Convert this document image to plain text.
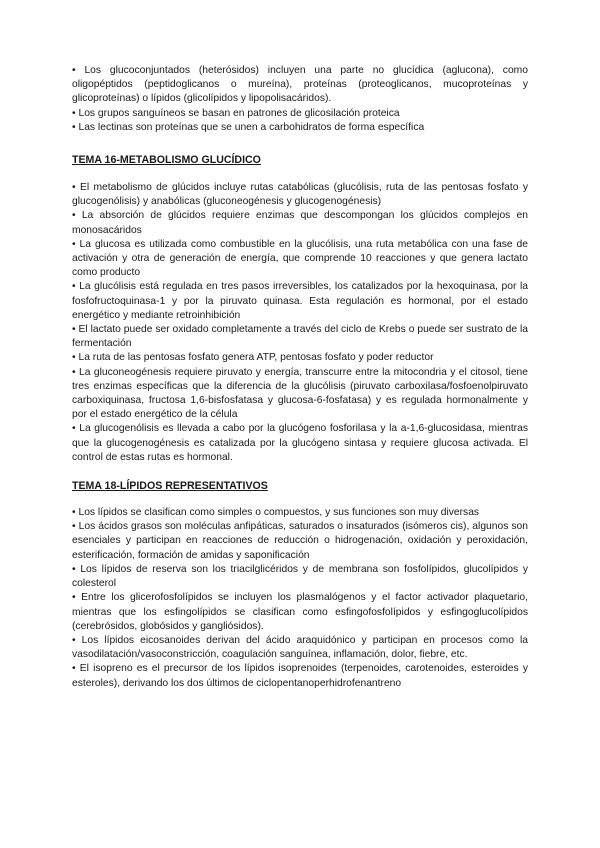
• Los glucoconjuntados (heterósidos) incluyen una parte no glucídica (aglucona), como oligopéptidos (peptidoglicanos o mureína), proteínas (proteoglicanos, mucoproteínas y glicoproteínas) o lípidos (glicolípidos y lipopolisacáridos).

• Los grupos sanguíneos se basan en patrones de glicosilación proteica

• Las lectinas son proteínas que se unen a carbohidratos de forma específica

TEMA 16-METABOLISMO GLUCÍDICO

• El metabolismo de glúcidos incluye rutas catabólicas (glucólisis, ruta de las pentosas fosfato y glucogenólisis) y anabólicas (gluconeogénesis y glucogenogénesis)

• La absorción de glúcidos requiere enzimas que descompongan los glúcidos complejos en monosacáridos

• La glucosa es utilizada como combustible en la glucólisis, una ruta metabólica con una fase de activación y otra de generación de energía, que comprende 10 reacciones y que genera lactato como producto

• La glucólisis está regulada en tres pasos irreversibles, los catalizados por la hexoquinasa, por la fosfofructoquinasa-1 y por la piruvato quinasa. Esta regulación es hormonal, por el estado energético y mediante retroinhibición

• El lactato puede ser oxidado completamente a través del ciclo de Krebs o puede ser sustrato de la fermentación

• La ruta de las pentosas fosfato genera ATP, pentosas fosfato y poder reductor

• La gluconeogénesis requiere piruvato y energía, transcurre entre la mitocondria y el citosol, tiene tres enzimas específicas que la diferencia de la glucólisis (piruvato carboxilasa/fosfoenolpiruvato carboxiquinasa, fructosa 1,6-bisfosfatasa y glucosa-6-fosfatasa) y es regulada hormonalmente y por el estado energético de la célula

• La glucogenólisis es llevada a cabo por la glucógeno fosforilasa y la a-1,6-glucosidasa, mientras que la glucogenogénesis es catalizada por la glucógeno sintasa y requiere glucosa activada. El control de estas rutas es hormonal.

TEMA 18-LÍPIDOS REPRESENTATIVOS

• Los lípidos se clasifican como simples o compuestos, y sus funciones son muy diversas

• Los ácidos grasos son moléculas anfipáticas, saturados o insaturados (isómeros cis), algunos son esenciales y participan en reacciones de reducción o hidrogenación, oxidación y peroxidación, esterificación, formación de amidas y saponificación

• Los lípidos de reserva son los triacilglicéridos y de membrana son fosfolípidos, glucolípidos y colesterol

• Entre los glicerofosfolípidos se incluyen los plasmalógenos y el factor activador plaquetario, mientras que los esfingolípidos se clasifican como esfingofosfolípidos y esfingoglucolípidos (cerebrósidos, globósidos y gangliósidos).

• Los lípidos eicosanoides derivan del ácido araquidónico y participan en procesos como la vasodilatación/vasoconstricción, coagulación sanguínea, inflamación, dolor, fiebre, etc.

• El isopreno es el precursor de los lípidos isoprenoides (terpenoides, carotenoides, esteroides y esteroles), derivando los dos últimos de ciclopentanoperhidrofenantreno
